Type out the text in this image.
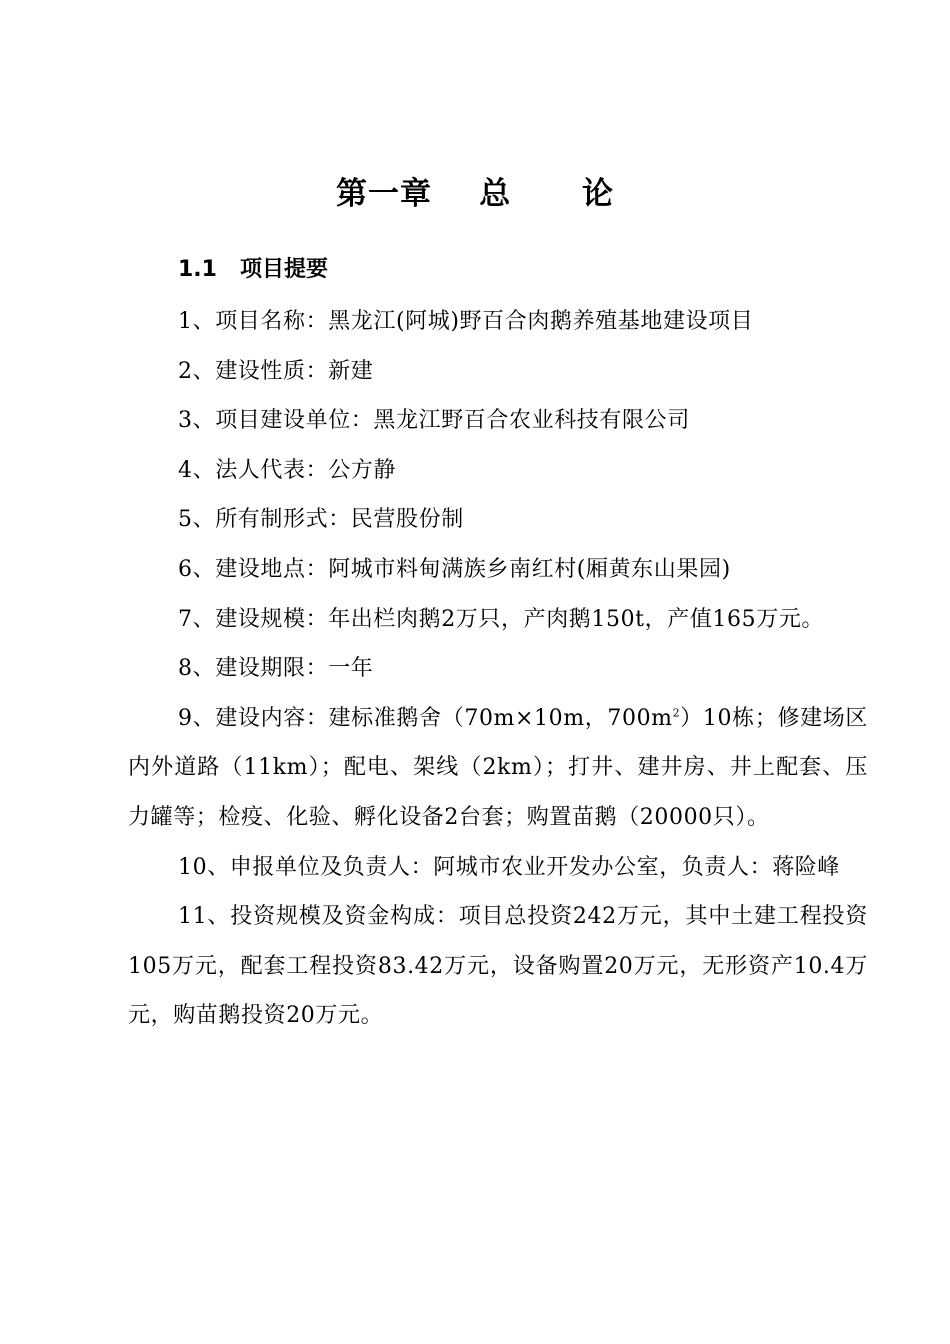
第一章    总      论
1.1   项目提要

1、项目名称：黑龙江(阿城)野百合肉鹅养殖基地建设项目

2、建设性质：新建

3、项目建设单位：黑龙江野百合农业科技有限公司

4、法人代表：公方静

5、所有制形式：民营股份制

6、建设地点：阿城市料甸满族乡南红村(厢黄东山果园)

7、建设规模：年出栏肉鹅2万只，产肉鹅150t，产值165万元。

8、建设期限：一年

9、建设内容：建标准鹅舍（70m×10m，$700m^2)10$栋；修建场区内外道路（11km）；配电、架线（2km）；打井、建井房、井上配套、压力罐等；检疫、化验、孵化设备2台套；购置苗鹅（20000只）。

10、申报单位及负责人：阿城市农业开发办公室，负责人：蒋险峰

11、投资规模及资金构成：项目总投资242万元，其中土建工程投资105万元，配套工程投资83.42万元，设备购置20万元，无形资产10.4万元，购苗鹅投资20万元。
